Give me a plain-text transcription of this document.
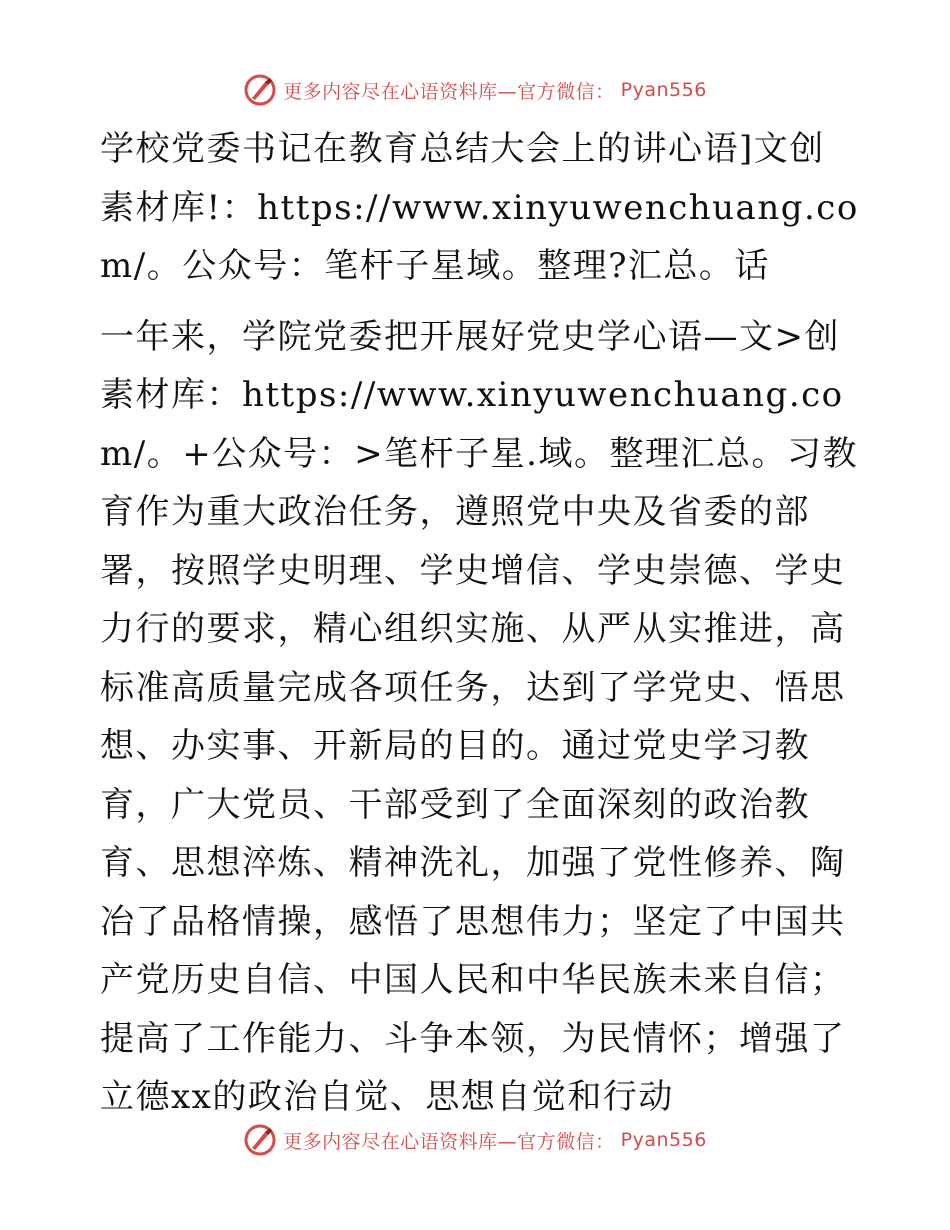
更多内容尽在心语资料库—官方微信： Pyan556

学校党委书记在教育总结大会上的讲心语]文创素材库!：https://www.xinyuwenchuang.com/。公众号：笔杆子星域。整理?汇总。话

一年来，学院党委把开展好党史学心语—文>创素材库：https://www.xinyuwenchuang.com/。+公众号：>笔杆子星.域。整理汇总。习教育作为重大政治任务，遵照党中央及省委的部署，按照学史明理、学史增信、学史崇德、学史力行的要求，精心组织实施、从严从实推进，高标准高质量完成各项任务，达到了学党史、悟思想、办实事、开新局的目的。通过党史学习教育，广大党员、干部受到了全面深刻的政治教育、思想淬炼、精神洗礼，加强了党性修养、陶冶了品格情操，感悟了思想伟力；坚定了中国共产党历史自信、中国人民和中华民族未来自信；提高了工作能力、斗争本领，为民情怀；增强了立德xx的政治自觉、思想自觉和行动

更多内容尽在心语资料库—官方微信： Pyan556
